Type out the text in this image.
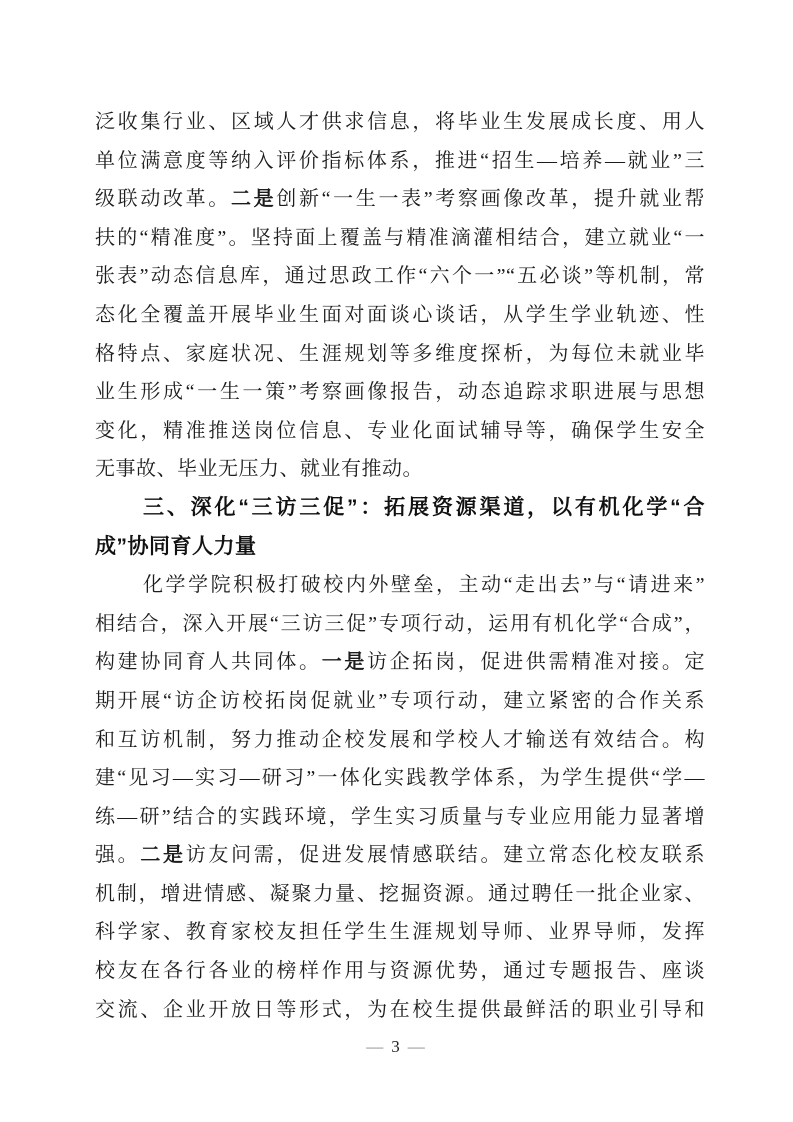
泛收集行业、区域人才供求信息，将毕业生发展成长度、用人
单位满意度等纳入评价指标体系，推进“招生—培养—就业”三
级联动改革。二是创新“一生一表”考察画像改革，提升就业帮
扶的“精准度”。坚持面上覆盖与精准滴灌相结合，建立就业“一
张表”动态信息库，通过思政工作“六个一”“五必谈”等机制，常
态化全覆盖开展毕业生面对面谈心谈话，从学生学业轨迹、性
格特点、家庭状况、生涯规划等多维度探析，为每位未就业毕
业生形成“一生一策”考察画像报告，动态追踪求职进展与思想
变化，精准推送岗位信息、专业化面试辅导等，确保学生安全
无事故、毕业无压力、就业有推动。
三、深化“三访三促”：拓展资源渠道，以有机化学“合
成”协同育人力量
化学学院积极打破校内外壁垒，主动“走出去”与“请进来”
相结合，深入开展“三访三促”专项行动，运用有机化学“合成”，
构建协同育人共同体。一是访企拓岗，促进供需精准对接。定
期开展“访企访校拓岗促就业”专项行动，建立紧密的合作关系
和互访机制，努力推动企校发展和学校人才输送有效结合。构
建“见习—实习—研习”一体化实践教学体系，为学生提供“学—
练—研”结合的实践环境，学生实习质量与专业应用能力显著增
强。二是访友问需，促进发展情感联结。建立常态化校友联系
机制，增进情感、凝聚力量、挖掘资源。通过聘任一批企业家、
科学家、教育家校友担任学生生涯规划导师、业界导师，发挥
校友在各行各业的榜样作用与资源优势，通过专题报告、座谈
交流、企业开放日等形式，为在校生提供最鲜活的职业引导和
— 3 —
